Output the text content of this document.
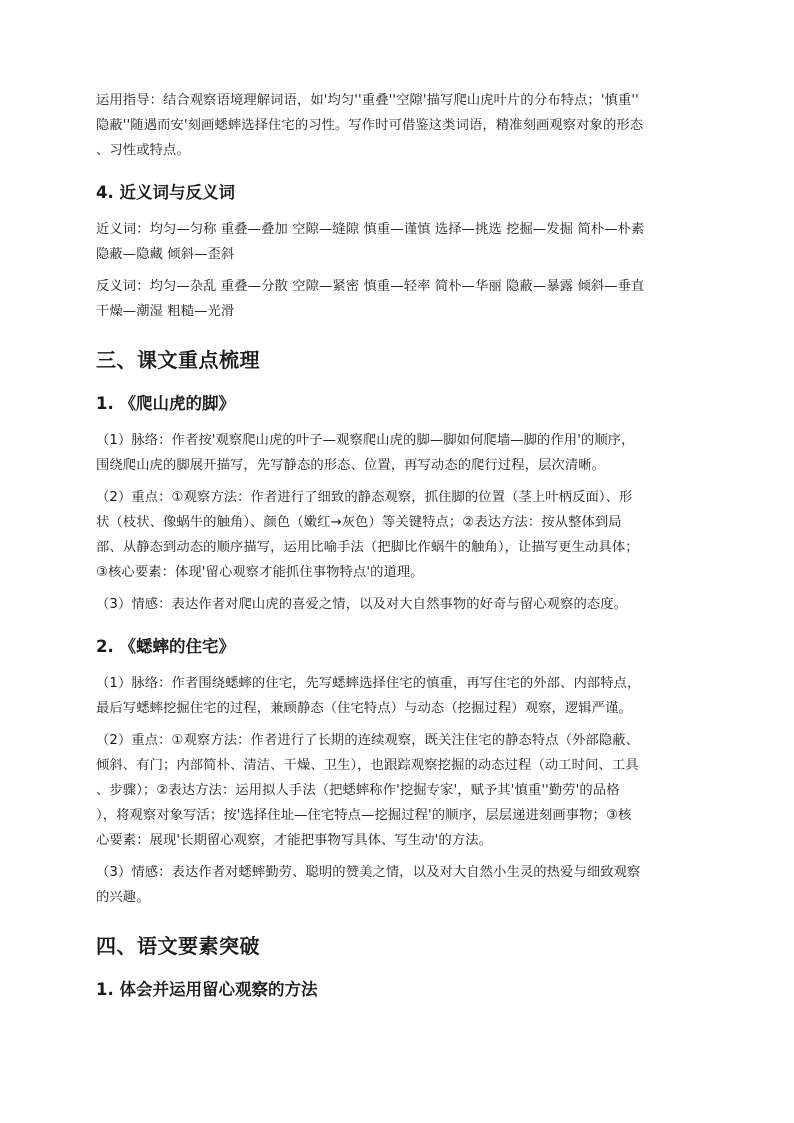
运用指导：结合观察语境理解词语，如'均匀''重叠''空隙'描写爬山虎叶片的分布特点；'慎重''
隐蔽''随遇而安'刻画蟋蟀选择住宅的习性。写作时可借鉴这类词语，精准刻画观察对象的形态
、习性或特点。
4. 近义词与反义词
近义词：均匀—匀称 重叠—叠加 空隙—缝隙 慎重—谨慎 选择—挑选 挖掘—发掘 简朴—朴素
隐蔽—隐藏 倾斜—歪斜
反义词：均匀—杂乱 重叠—分散 空隙—紧密 慎重—轻率 简朴—华丽 隐蔽—暴露 倾斜—垂直
干燥—潮湿 粗糙—光滑
三、课文重点梳理
1. 《爬山虎的脚》
（1）脉络：作者按'观察爬山虎的叶子—观察爬山虎的脚—脚如何爬墙—脚的作用'的顺序，
围绕爬山虎的脚展开描写，先写静态的形态、位置，再写动态的爬行过程，层次清晰。
（2）重点：①观察方法：作者进行了细致的静态观察，抓住脚的位置（茎上叶柄反面）、形
状（枝状、像蜗牛的触角）、颜色（嫩红→灰色）等关键特点；②表达方法：按从整体到局
部、从静态到动态的顺序描写，运用比喻手法（把脚比作蜗牛的触角），让描写更生动具体；
③核心要素：体现'留心观察才能抓住事物特点'的道理。
（3）情感：表达作者对爬山虎的喜爱之情，以及对大自然事物的好奇与留心观察的态度。
2. 《蟋蟀的住宅》
（1）脉络：作者围绕蟋蟀的住宅，先写蟋蟀选择住宅的慎重，再写住宅的外部、内部特点，
最后写蟋蟀挖掘住宅的过程，兼顾静态（住宅特点）与动态（挖掘过程）观察，逻辑严谨。
（2）重点：①观察方法：作者进行了长期的连续观察，既关注住宅的静态特点（外部隐蔽、
倾斜、有门；内部简朴、清洁、干燥、卫生），也跟踪观察挖掘的动态过程（动工时间、工具
、步骤）；②表达方法：运用拟人手法（把蟋蟀称作'挖掘专家'，赋予其'慎重''勤劳'的品格
），将观察对象写活；按'选择住址—住宅特点—挖掘过程'的顺序，层层递进刻画事物；③核
心要素：展现'长期留心观察，才能把事物写具体、写生动'的方法。
（3）情感：表达作者对蟋蟀勤劳、聪明的赞美之情，以及对大自然小生灵的热爱与细致观察
的兴趣。
四、语文要素突破
1. 体会并运用留心观察的方法
